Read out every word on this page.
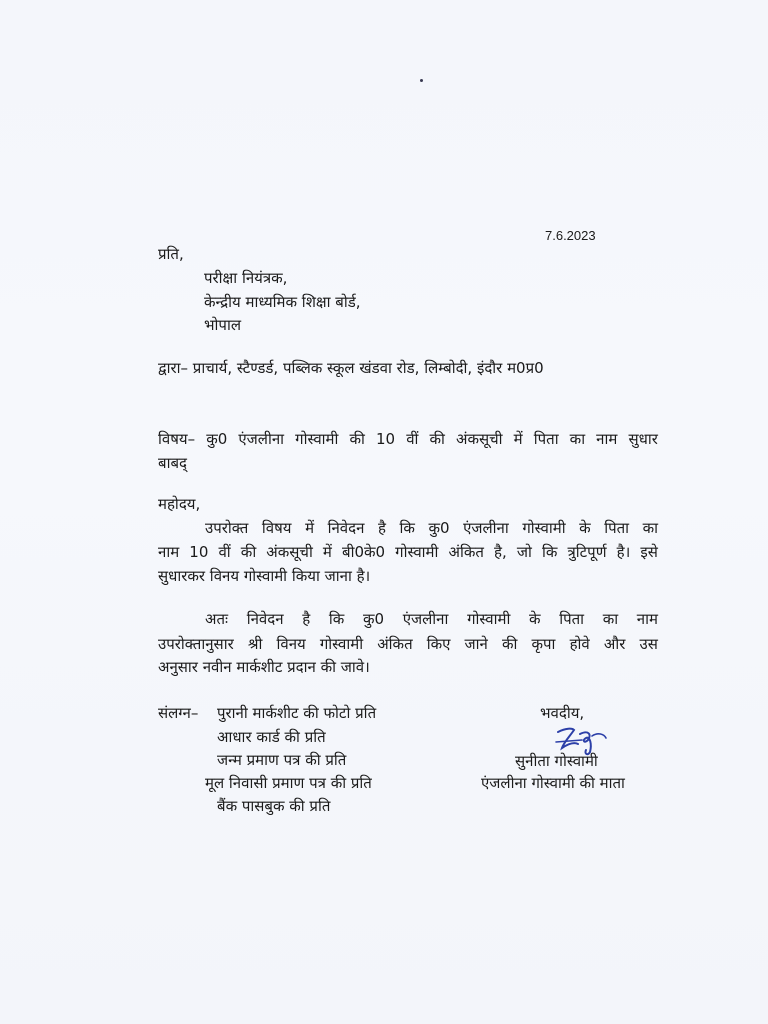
7.6.2023
प्रति,
परीक्षा नियंत्रक,
केन्द्रीय माध्यमिक शिक्षा बोर्ड,
भोपाल
द्वारा– प्राचार्य, स्टैण्डर्ड, पब्लिक स्कूल खंडवा रोड, लिम्बोदी, इंदौर म0प्र0
विषय– कु0 एंजलीना गोस्वामी की 10 वीं की अंकसूची में पिता का नाम सुधार
बाबद्
महोदय,
उपरोक्त विषय में निवेदन है कि कु0 एंजलीना गोस्वामी के पिता का
नाम 10 वीं की अंकसूची में बी0के0 गोस्वामी अंकित है, जो कि त्रुटिपूर्ण है। इसे
सुधारकर विनय गोस्वामी किया जाना है।
अतः निवेदन है कि कु0 एंजलीना गोस्वामी के पिता का नाम
उपरोक्तानुसार श्री विनय गोस्वामी अंकित किए जाने की कृपा होवे और उस
अनुसार नवीन मार्कशीट प्रदान की जावे।
संलग्न– पुरानी मार्कशीट की फोटो प्रति
आधार कार्ड की प्रति
जन्म प्रमाण पत्र की प्रति
मूल निवासी प्रमाण पत्र की प्रति
बैंक पासबुक की प्रति
भवदीय,
सुनीता गोस्वामी
एंजलीना गोस्वामी की माता
